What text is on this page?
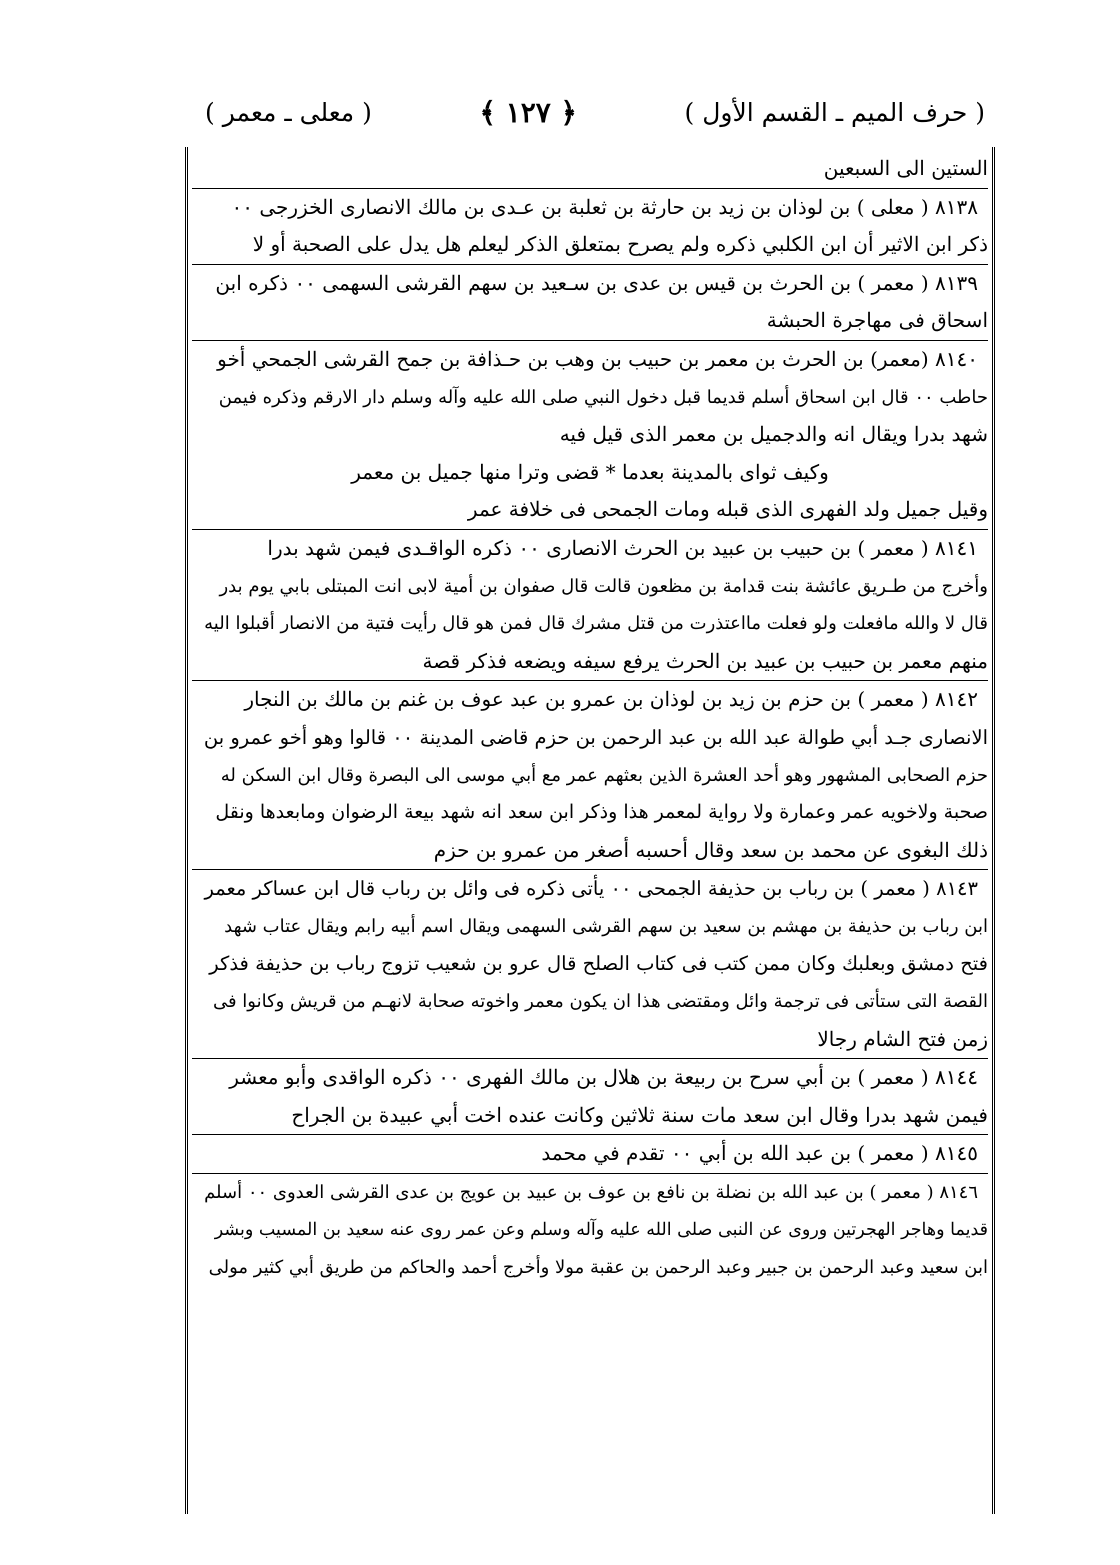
( حرف الميم ـ القسم الأول )
﴿ ١٢٧ ﴾
( معلى ـ معمر )
الستين الى السبعين
٨١٣٨ ( معلى ) بن لوذان بن زيد بن حارثة بن ثعلبة بن عـدى بن مالك الانصارى الخزرجى ٠٠
ذكر ابن الاثير أن ابن الكلبي ذكره ولم يصرح بمتعلق الذكر ليعلم هل يدل على الصحبة أو لا
٨١٣٩ ( معمر ) بن الحرث بن قيس بن عدى بن سـعيد بن سهم القرشى السهمى ٠٠ ذكره ابن
اسحاق فى مهاجرة الحبشة
٨١٤٠ (معمر) بن الحرث بن معمر بن حبيب بن وهب بن حـذافة بن جمح القرشى الجمحي أخو
حاطب ٠٠ قال ابن اسحاق أسلم قديما قبل دخول النبي صلى الله عليه وآله وسلم دار الارقم وذكره فيمن
شهد بدرا ويقال انه والدجميل بن معمر الذى قيل فيه
وكيف ثواى بالمدينة بعدما * قضى وترا منها جميل بن معمر
وقيل جميل ولد الفهرى الذى قبله ومات الجمحى فى خلافة عمر
٨١٤١ ( معمر ) بن حبيب بن عبيد بن الحرث الانصارى ٠٠ ذكره الواقـدى فيمن شهد بدرا
وأخرج من طـريق عائشة بنت قدامة بن مظعون قالت قال صفوان بن أمية لابى انت المبتلى بابي يوم بدر
قال لا والله مافعلت ولو فعلت مااعتذرت من قتل مشرك قال فمن هو قال رأيت فتية من الانصار أقبلوا اليه
منهم معمر بن حبيب بن عبيد بن الحرث يرفع سيفه ويضعه فذكر قصة
٨١٤٢ ( معمر ) بن حزم بن زيد بن لوذان بن عمرو بن عبد عوف بن غنم بن مالك بن النجار
الانصارى جـد أبي طوالة عبد الله بن عبد الرحمن بن حزم قاضى المدينة ٠٠ قالوا وهو أخو عمرو بن
حزم الصحابى المشهور وهو أحد العشرة الذين بعثهم عمر مع أبي موسى الى البصرة وقال ابن السكن له
صحبة ولاخويه عمر وعمارة ولا رواية لمعمر هذا وذكر ابن سعد انه شهد بيعة الرضوان ومابعدها ونقل
ذلك البغوى عن محمد بن سعد وقال أحسبه أصغر من عمرو بن حزم
٨١٤٣ ( معمر ) بن رباب بن حذيفة الجمحى ٠٠ يأتى ذكره فى وائل بن رباب قال ابن عساكر معمر
ابن رباب بن حذيفة بن مهشم بن سعيد بن سهم القرشى السهمى ويقال اسم أبيه رابم ويقال عتاب شهد
فتح دمشق وبعلبك وكان ممن كتب فى كتاب الصلح قال عرو بن شعيب تزوج رباب بن حذيفة فذكر
القصة التى ستأتى فى ترجمة وائل ومقتضى هذا ان يكون معمر واخوته صحابة لانهـم من قريش وكانوا فى
زمن فتح الشام رجالا
٨١٤٤ ( معمر ) بن أبي سرح بن ربيعة بن هلال بن مالك الفهرى ٠٠ ذكره الواقدى وأبو معشر
فيمن شهد بدرا وقال ابن سعد مات سنة ثلاثين وكانت عنده اخت أبي عبيدة بن الجراح
٨١٤٥ ( معمر ) بن عبد الله بن أبي ٠٠ تقدم في محمد
٨١٤٦ ( معمر ) بن عبد الله بن نضلة بن نافع بن عوف بن عبيد بن عويج بن عدى القرشى العدوى ٠٠ أسلم
قديما وهاجر الهجرتين وروى عن النبى صلى الله عليه وآله وسلم وعن عمر روى عنه سعيد بن المسيب وبشر
ابن سعيد وعبد الرحمن بن جبير وعبد الرحمن بن عقبة مولا وأخرج أحمد والحاكم من طريق أبي كثير مولى
